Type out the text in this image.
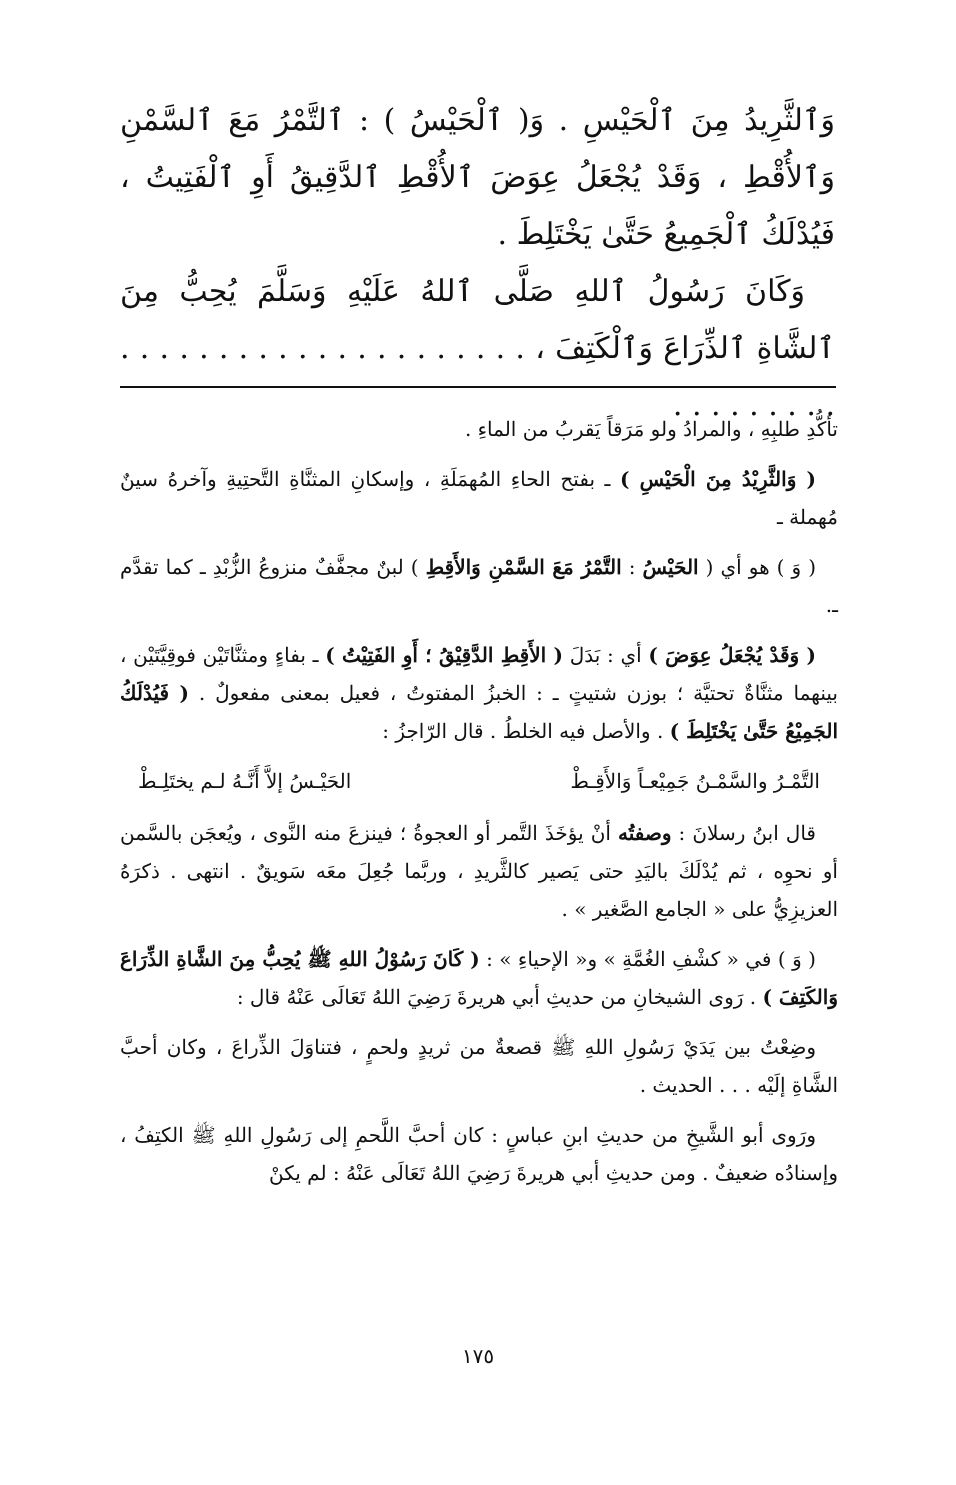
وَٱلثَّرِيدُ مِنَ ٱلْحَيْسِ . وَ( ٱلْحَيْسُ ) : ٱلتَّمْرُ مَعَ ٱلسَّمْنِ وَٱلأُقْطِ ، وَقَدْ يُجْعَلُ عِوَضَ ٱلأُقْطِ ٱلدَّقِيقُ أَوِ ٱلْفَتِيتُ ، فَيُدْلَكُ ٱلْجَمِيعُ حَتَّىٰ يَخْتَلِطَ .

وَكَانَ رَسُولُ ٱللهِ صَلَّى ٱللهُ عَلَيْهِ وَسَلَّمَ يُحِبُّ مِنَ ٱلشَّاةِ ٱلذِّرَاعَ وَٱلْكَتِفَ ، . . . . . . . . . . . . . . . . . . . . . . . . . . . . . .

تأكُّدِ طلبِهِ ، والمرادُ ولو مَرَقاً يَقربُ من الماءِ .

( وَالثَّرِيْدُ مِنَ الْحَيْسِ ) ـ بفتح الحاءِ المُهمَلَةِ ، وإسكانِ المثنَّاةِ التَّحتِيةِ وآخرهُ سينٌ مُهملة ـ

( وَ ) هو أي ( الحَيْسُ : التَّمْرُ مَعَ السَّمْنِ وَالأَقِطِ ) لبنٌ مجفَّفٌ منزوعُ الزُّبْدِ ـ كما تقدَّم ـ.

( وَقَدْ يُجْعَلُ عِوَضَ ) أي : بَدَلَ ( الأَقِطِ الدَّقِيْقُ ؛ أَوِ الفَتِيْتُ ) ـ بفاءٍ ومثنَّاتَيْن فوقِيَّتَيْن ، بينهما مثنَّاةٌ تحتيَّة ؛ بوزن شتيتٍ ـ : الخبزُ المفتوتُ ، فعيل بمعنى مفعولٌ . ( فَيُدْلَكُ الجَمِيْعُ حَتَّىٰ يَخْتَلِطَ ) . والأصل فيه الخلطُ . قال الرّاجزُ :

التَّمْـرُ والسَّمْـنُ جَمِيْعـاً وَالأَقِـطْ
الحَيْـسُ إلاَّ أَنَّـهُ لـم يختَلِـطْ

قال ابنُ رسلانَ : وصفتُه أنْ يؤخَذَ التَّمر أو العجوةُ ؛ فينزعَ منه النَّوى ، ويُعجَن بالسَّمن أو نحوِه ، ثم يُدْلَكَ باليَدِ حتى يَصير كالثَّريدِ ، وربَّما جُعِلَ معَه سَويقٌ . انتهى . ذكرَهُ العزيزِيُّ على « الجامع الصَّغير » .

( وَ ) في « كشْفِ الغُمَّةِ » و« الإحياءِ » : ( كَانَ رَسُوْلُ اللهِ ﷺ يُحِبُّ مِنَ الشَّاةِ الذِّرَاعَ وَالكَتِفَ ) . رَوى الشيخانِ من حديثِ أبي هريرةَ رَضِيَ اللهُ تَعَالَى عَنْهُ قال :

وضِعْتُ بين يَدَيْ رَسُولِ اللهِ ﷺ قصعةٌ من ثريدٍ ولحمٍ ، فتناوَلَ الذِّراعَ ، وكان أحبَّ الشَّاةِ إلَيْه . . . الحديث .

ورَوى أبو الشَّيخِ من حديثِ ابنِ عباسٍ : كان أحبَّ اللَّحمِ إلى رَسُولِ اللهِ ﷺ الكتِفُ ، وإسنادُه ضعيفٌ . ومن حديثِ أبي هريرةَ رَضِيَ اللهُ تَعَالَى عَنْهُ : لم يكنْ

١٧٥
